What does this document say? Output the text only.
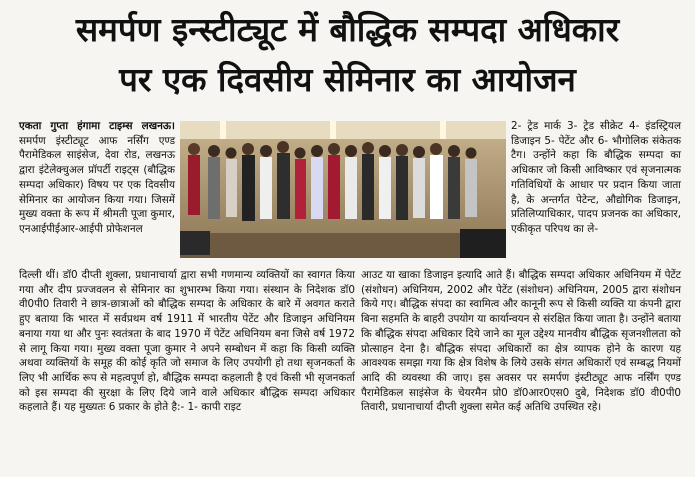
समर्पण इन्स्टीट्यूट में बौद्धिक सम्पदा अधिकार
पर एक दिवसीय सेमिनार का आयोजन

एकता गुप्ता हंगामा टाइम्स लखनऊ। समर्पण इंस्टीट्यूट आफ नर्सिंग एण्ड पैरामेडिकल साइंसेज, देवा रोड, लखनऊ द्वारा इंटेलेक्चुअल प्रॉपर्टी राइट्स (बौद्धिक सम्पदा अधिकार) विषय पर एक दिवसीय सेमिनार का आयोजन किया गया। जिसमें मुख्य वक्ता के रूप में श्रीमती पूजा कुमार, एनआईपीईआर-आईपी प्रोफेशनल

2- ट्रेड मार्क 3- ट्रेड सीक्रेट 4- इंडस्ट्रियल डिजाइन 5- पेटेंट और 6- भौगोलिक संकेतक टैग। उन्होंने कहा कि बौद्धिक सम्पदा का अधिकार जो किसी आविष्कार एवं सृजनात्मक गतिविधियों के आधार पर प्रदान किया जाता है, के अन्तर्गत पेटेन्ट, औद्योगिक डिजाइन, प्रतिलिप्याधिकार, पादप प्रजनक का अधिकार, एकीकृत परिपथ का ले-

दिल्ली थीं। डॉ0 दीप्ती शुक्ला, प्रधानाचार्या द्वारा सभी गणमान्य व्यक्तियों का स्वागत किया गया और दीप प्रज्जवलन से सेमिनार का शुभारम्भ किया गया। संस्थान के निदेशक डॉ0 वी0पी0 तिवारी ने छात्र-छात्राओं को बौद्धिक सम्पदा के अधिकार के बारे में अवगत कराते हुए बताया कि भारत में सर्वप्रथम वर्ष 1911 में भारतीय पेटेंट और डिजाइन अधिनियम बनाया गया था और पुनः स्वतंत्रता के बाद 1970 में पेटेंट अधिनियम बना जिसे वर्ष 1972 से लागू किया गया। मुख्य वक्ता पूजा कुमार ने अपने सम्बोधन में कहा कि किसी व्यक्ति अथवा व्यक्तियों के समूह की कोई कृति जो समाज के लिए उपयोगी हो तथा सृजनकर्ता के लिए भी आर्थिक रूप से महत्वपूर्ण हो, बौद्धिक सम्पदा कहलाती है एवं किसी भी सृजनकर्ता को इस सम्पदा की सुरक्षा के लिए दिये जाने वाले अधिकार बौद्धिक सम्पदा अधिकार कहलाते हैं। यह मुख्यतः 6 प्रकार के होते है:- 1- कापी राइट

आउट या खाका डिजाइन इत्यादि आते हैं। बौद्धिक सम्पदा अधिकार अधिनियम में पेटेंट (संशोधन) अधिनियम, 2002 और पेटेंट (संशोधन) अधिनियम, 2005 द्वारा संशोधन किये गए। बौद्धिक संपदा का स्वामित्व और कानूनी रूप से किसी व्यक्ति या कंपनी द्वारा बिना सहमति के बाहरी उपयोग या कार्यान्वयन से संरक्षित किया जाता है। उन्होंने बताया कि बौद्धिक संपदा अधिकार दिये जाने का मूल उद्देश्य मानवीय बौद्धिक सृजनशीलता को प्रोत्साहन देना है। बौद्धिक संपदा अधिकारों का क्षेत्र व्यापक होने के कारण यह आवश्यक समझा गया कि क्षेत्र विशेष के लिये उसके संगत अधिकारों एवं सम्बद्ध नियमों आदि की व्यवस्था की जाए। इस अवसर पर समर्पण इंस्टीट्यूट आफ नर्सिंग एण्ड पैरामेडिकल साइंसेज के चेयरमैन प्रो0 डॉ0आर0एस0 दुबे, निदेशक डॉ0 वी0पी0 तिवारी, प्रधानाचार्या दीप्ती शुक्ला समेत कई अतिथि उपस्थित रहे।
